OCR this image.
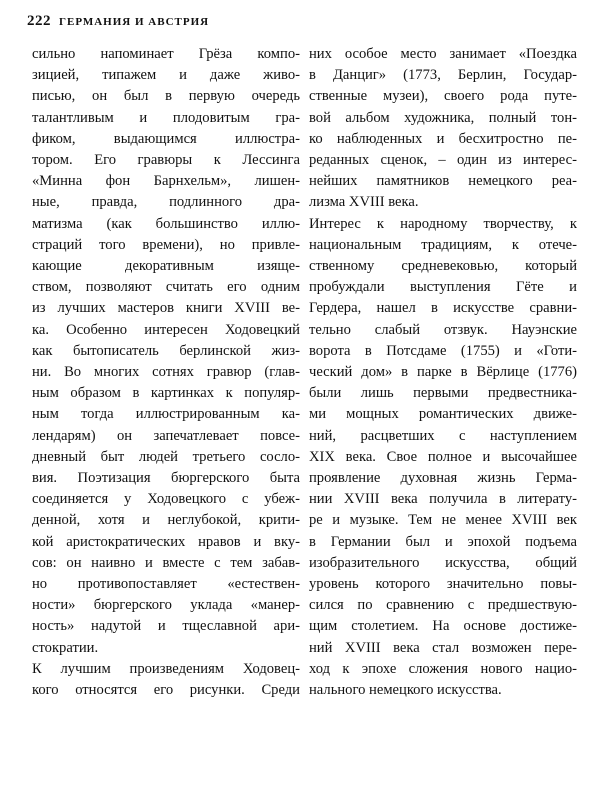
222 ГЕРМАНИЯ И АВСТРИЯ
сильно напоминает Грёза компо-
зицией, типажем и даже живо-
писью, он был в первую очередь
талантливым и плодовитым гра-
фиком, выдающимся иллюстра-
тором. Его гравюры к Лессинга
«Минна фон Барнхельм», лишен-
ные, правда, подлинного дра-
матизма (как большинство иллю-
страций того времени), но привле-
кающие декоративным изяще-
ством, позволяют считать его одним
из лучших мастеров книги XVIII ве-
ка. Особенно интересен Ходовецкий
как бытописатель берлинской жиз-
ни. Во многих сотнях гравюр (глав-
ным образом в картинках к популяр-
ным тогда иллюстрированным ка-
лендарям) он запечатлевает повсе-
дневный быт людей третьего сосло-
вия. Поэтизация бюргерского быта
соединяется у Ходовецкого с убеж-
денной, хотя и неглубокой, крити-
кой аристократических нравов и вку-
сов: он наивно и вместе с тем забав-
но противопоставляет «естествен-
ности» бюргерского уклада «манер-
ность» надутой и тщеславной ари-
стократии.
К лучшим произведениям Ходовец-
кого относятся его рисунки. Среди
них особое место занимает «Поездка
в Данциг» (1773, Берлин, Государ-
ственные музеи), своего рода путе-
вой альбом художника, полный тон-
ко наблюденных и бесхитростно пе-
реданных сценок, – один из интерес-
нейших памятников немецкого реа-
лизма XVIII века.
Интерес к народному творчеству, к
национальным традициям, к отече-
ственному средневековью, который
пробуждали выступления Гёте и
Гердера, нашел в искусстве сравни-
тельно слабый отзвук. Науэнские
ворота в Потсдаме (1755) и «Готи-
ческий дом» в парке в Вёрлице (1776)
были лишь первыми предвестника-
ми мощных романтических движе-
ний, расцветших с наступлением
XIX века. Свое полное и высочайшее
проявление духовная жизнь Герма-
нии XVIII века получила в литерату-
ре и музыке. Тем не менее XVIII век
в Германии был и эпохой подъема
изобразительного искусства, общий
уровень которого значительно повы-
сился по сравнению с предшествую-
щим столетием. На основе достиже-
ний XVIII века стал возможен пере-
ход к эпохе сложения нового нацио-
нального немецкого искусства.
